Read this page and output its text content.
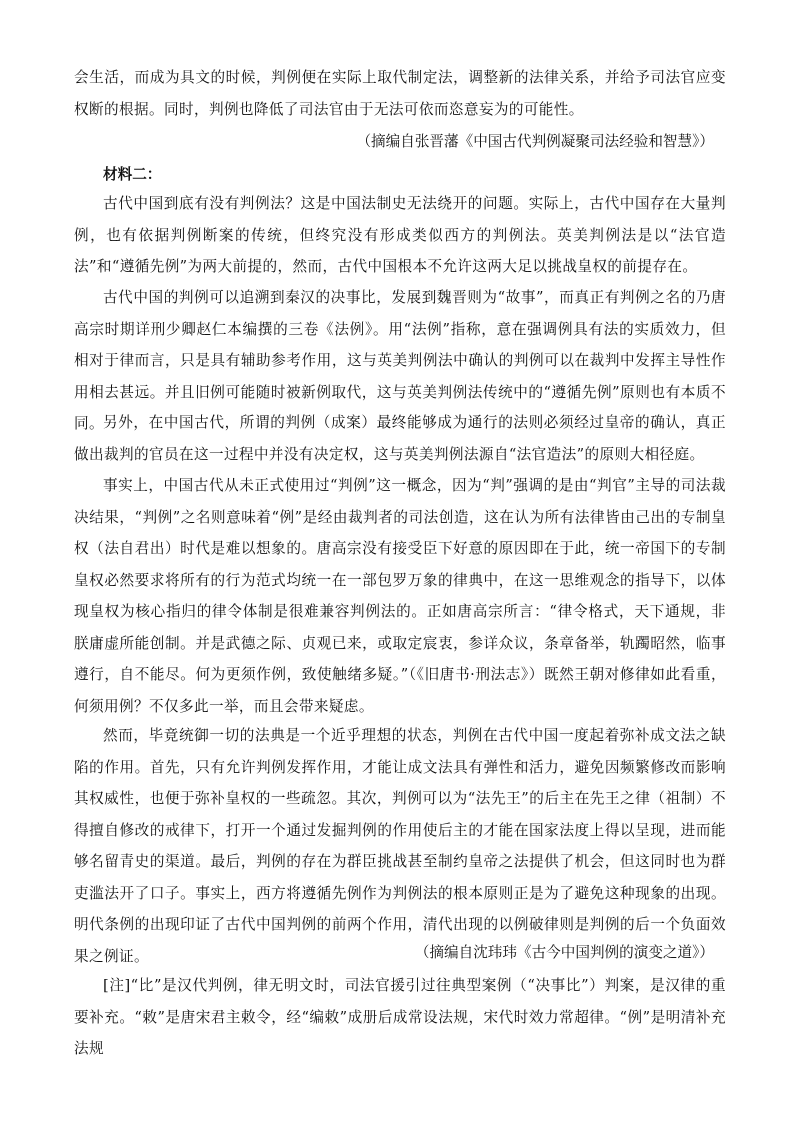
会生活，而成为具文的时候，判例便在实际上取代制定法，调整新的法律关系，并给予司法官应变权断的根据。同时，判例也降低了司法官由于无法可依而恣意妄为的可能性。
（摘编自张晋藩《中国古代判例凝聚司法经验和智慧》）
材料二：
古代中国到底有没有判例法？这是中国法制史无法绕开的问题。实际上，古代中国存在大量判例，也有依据判例断案的传统，但终究没有形成类似西方的判例法。英美判例法是以“法官造法”和“遵循先例”为两大前提的，然而，古代中国根本不允许这两大足以挑战皇权的前提存在。
古代中国的判例可以追溯到秦汉的决事比，发展到魏晋则为“故事”，而真正有判例之名的乃唐高宗时期详刑少卿赵仁本编撰的三卷《法例》。用“法例”指称，意在强调例具有法的实质效力，但相对于律而言，只是具有辅助参考作用，这与英美判例法中确认的判例可以在裁判中发挥主导性作用相去甚远。并且旧例可能随时被新例取代，这与英美判例法传统中的“遵循先例”原则也有本质不同。 另外，在中国古代，所谓的判例（成案）最终能够成为通行的法则必须经过皇帝的确认，真正做出裁判的官员在这一过程中并没有决定权，这与英美判例法源自“法官造法”的原则大相径庭。
事实上，中国古代从未正式使用过“判例”这一概念，因为“判”强调的是由“判官”主导的司法裁决结果，“判例”之名则意味着“例”是经由裁判者的司法创造，这在认为所有法律皆由己出的专制皇权（法自君出）时代是难以想象的。唐高宗没有接受臣下好意的原因即在于此，统一帝国下的专制皇权必然要求将所有的行为范式均统一在一部包罗万象的律典中，在这一思维观念的指导下，以体现皇权为核心指归的律令体制是很难兼容判例法的。正如唐高宗所言：“律令格式，天下通规，非朕庸虚所能创制。并是武德之际、贞观已来，或取定宸衷，参详众议，条章备举，轨躅昭然，临事遵行，自不能尽。何为更须作例，致使触绪多疑。”（《旧唐书·刑法志》）既然王朝对修律如此看重，何须用例？不仅多此一举，而且会带来疑虑。
然而，毕竟统御一切的法典是一个近乎理想的状态，判例在古代中国一度起着弥补成文法之缺陷的作用。首先，只有允许判例发挥作用，才能让成文法具有弹性和活力，避免因频繁修改而影响其权威性，也便于弥补皇权的一些疏忽。其次，判例可以为“法先王”的后主在先王之律（祖制）不得擅自修改的戒律下，打开一个通过发掘判例的作用使后主的才能在国家法度上得以呈现，进而能够名留青史的渠道。最后，判例的存在为群臣挑战甚至制约皇帝之法提供了机会，但这同时也为群吏滥法开了口子。事实上，西方将遵循先例作为判例法的根本原则正是为了避免这种现象的出现。明代条例的出现印证了古代中国判例的前两个作用，清代出现的以例破律则是判例的后一个负面效果之例证。	（摘编自沈玮玮《古今中国判例的演变之道》）
[注]“比”是汉代判例，律无明文时，司法官援引过往典型案例（“决事比”）判案，是汉律的重要补充。“敕”是唐宋君主敕令，经“编敕”成册后成常设法规，宋代时效力常超律。“例”是明清补充法规
